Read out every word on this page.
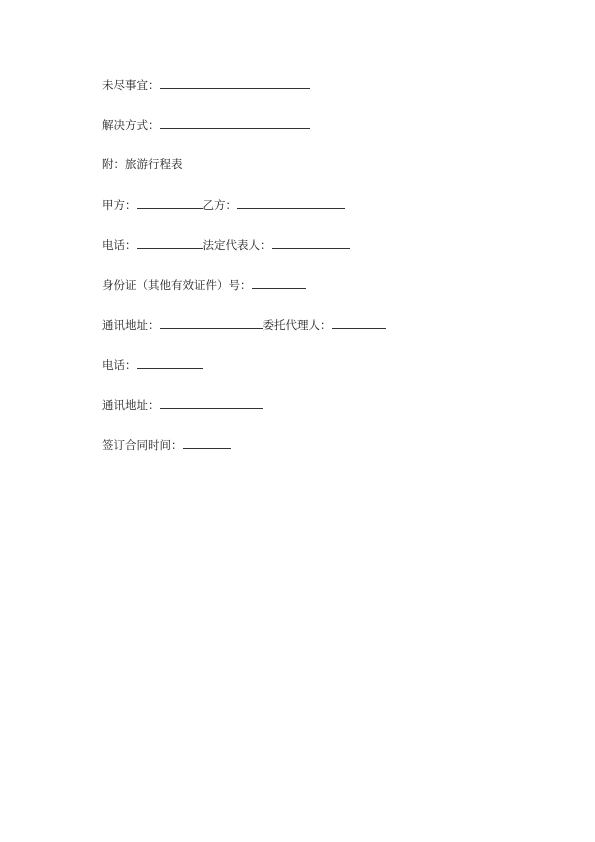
未尽事宜：
解决方式：
附：旅游行程表
甲方：	乙方：
电话：	法定代表人：
身份证（其他有效证件）号：
通讯地址：	委托代理人：
电话：
通讯地址：
签订合同时间：
